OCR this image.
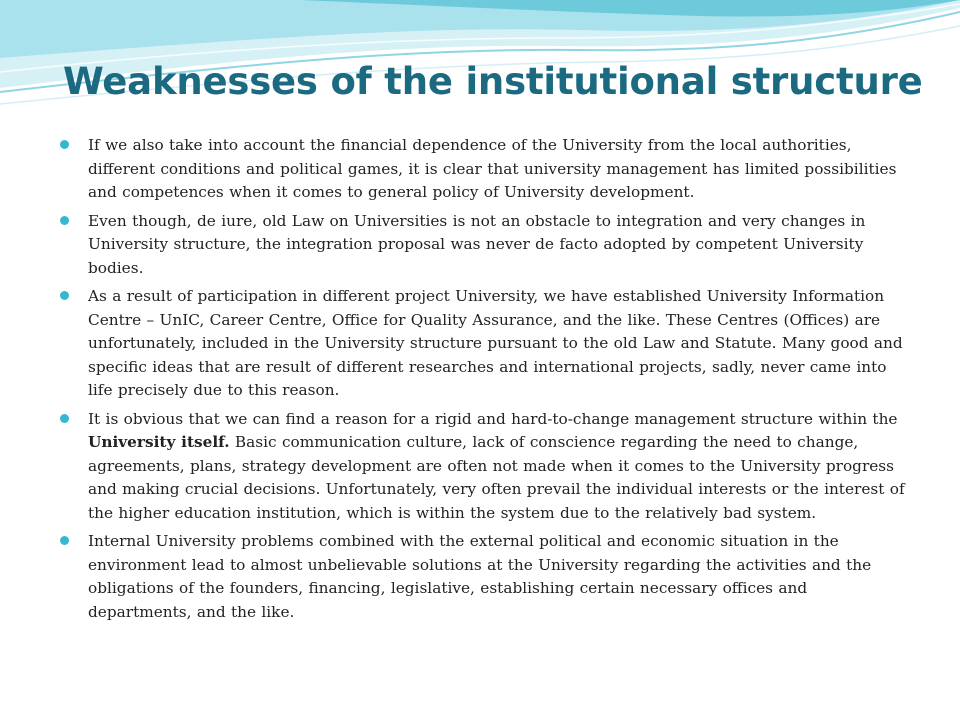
Weaknesses of the institutional structure
If we also take into account the financial dependence of the University from the local authorities, different conditions and political games, it is clear that university management has limited possibilities and competences when it comes to general policy of University development.
Even though, de iure, old Law on Universities is not an obstacle to integration and very changes in University structure, the integration proposal was never de facto adopted by competent University bodies.
As a result of participation in different project University, we have established University Information Centre – UnIC, Career Centre, Office for Quality Assurance, and the like. These Centres (Offices) are unfortunately, included in the University structure pursuant to the old Law and Statute. Many good and specific ideas that are result of different researches and international projects, sadly, never came into life precisely due to this reason.
It is obvious that we can find a reason for a rigid and hard-to-change management structure within the University itself. Basic communication culture, lack of conscience regarding the need to change, agreements, plans, strategy development are often not made when it comes to the University progress and making crucial decisions. Unfortunately, very often prevail the individual interests or the interest of the higher education institution, which is within the system due to the relatively bad system.
Internal University problems combined with the external political and economic situation in the environment lead to almost unbelievable solutions at the University regarding the activities and the obligations of the founders, financing, legislative, establishing certain necessary offices and departments, and the like.
